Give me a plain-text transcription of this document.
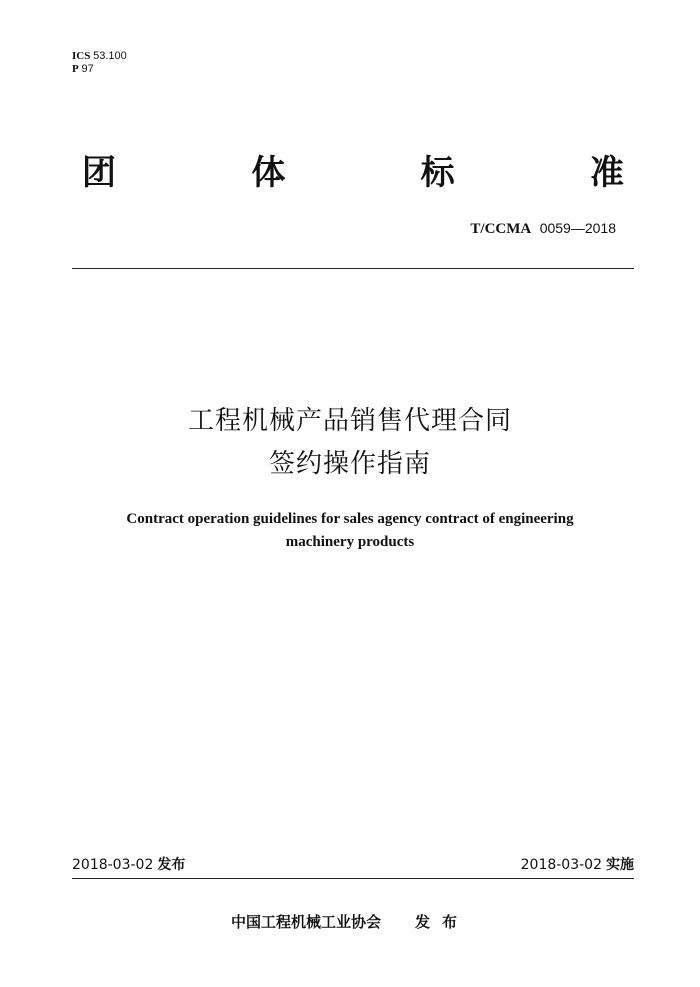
ICS 53.100
P 97
团	体	标	准
T/CCMA 0059—2018
工程机械产品销售代理合同
签约操作指南
Contract operation guidelines for sales agency contract of engineering
machinery products
2018-03-02 发布	2018-03-02 实施
中国工程机械工业协会 发布
